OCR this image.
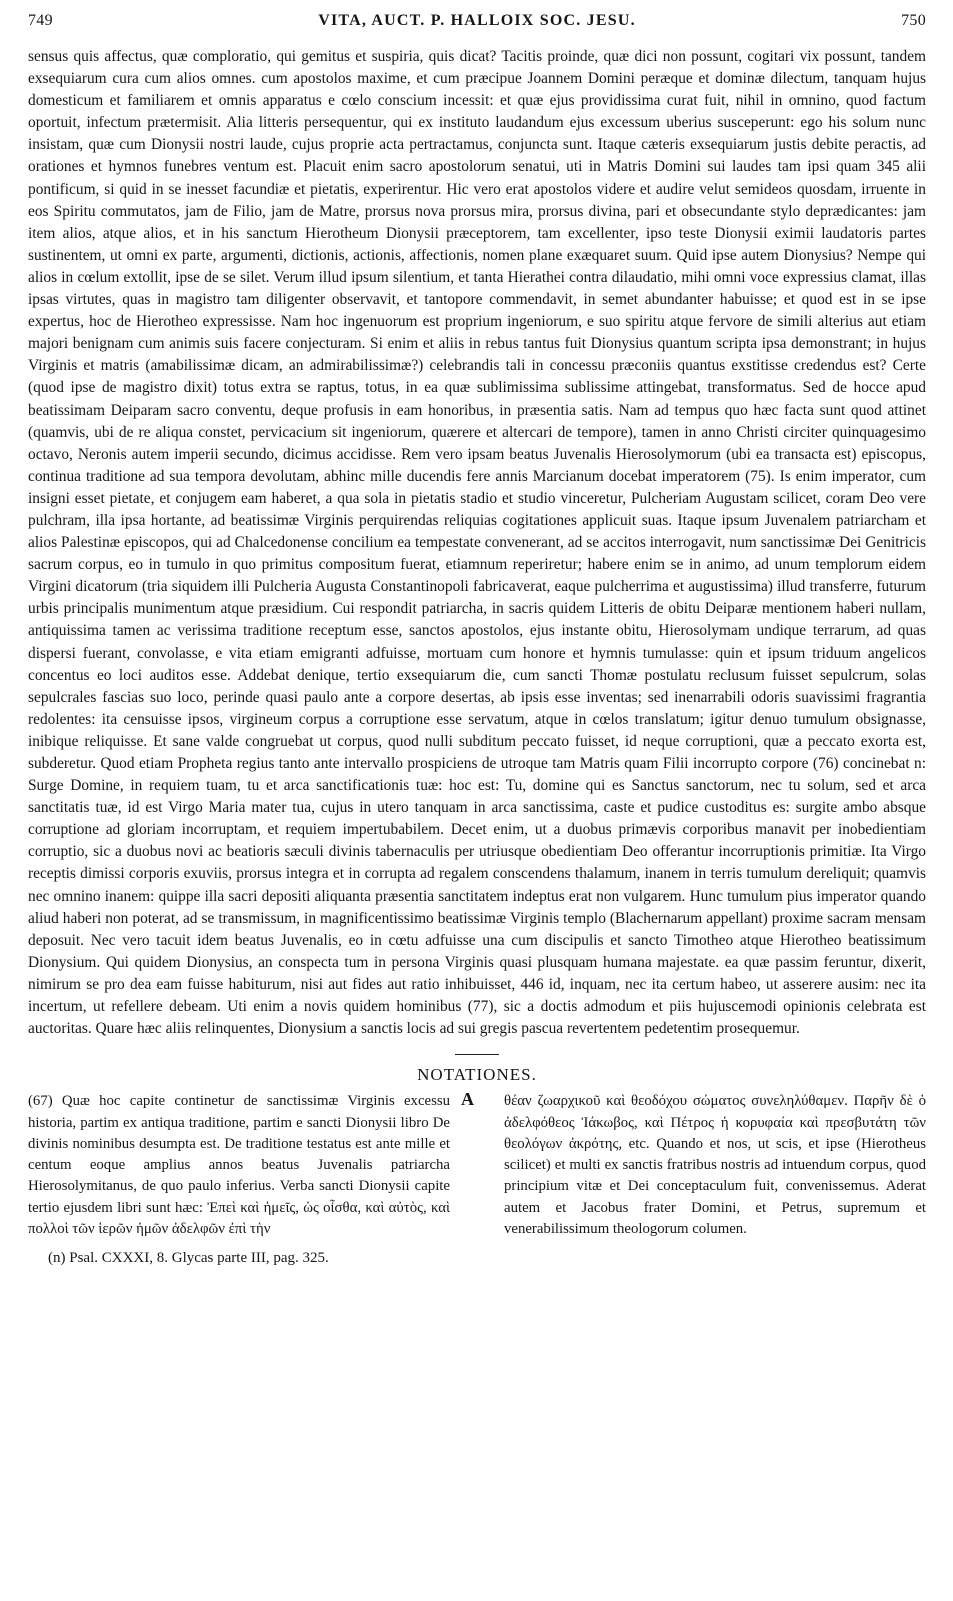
749	VITA, AUCT. P. HALLOIX SOC. JESU.	750
sensus quis affectus, quæ comploratio, qui gemitus et suspiria, quis dicat? Tacitis proinde, quæ dici non possunt, cogitari vix possunt, tandem exsequiarum cura cum alios omnes. cum apostolos maxime, et cum præcipue Joannem Domini peræque et dominæ dilectum, tanquam hujus domesticum et familiarem et omnis apparatus e cœlo conscium incessit: et quæ ejus providissima curat fuit, nihil in omnino, quod factum oportuit, infectum prætermisit. Alia litteris persequentur, qui ex instituto laudandum ejus excessum uberius susceperunt: ego his solum nunc insistam, quæ cum Dionysii nostri laude, cujus proprie acta pertractamus, conjuncta sunt. Itaque cæteris exsequiarum justis debite peractis, ad orationes et hymnos funebres ventum est. Placuit enim sacro apostolorum senatui, uti in Matris Domini sui laudes tam ipsi quam 345 alii pontificum, si quid in se inesset facundiæ et pietatis, experirentur. Hic vero erat apostolos videre et audire velut semideos quosdam, irruente in eos Spiritu commutatos, jam de Filio, jam de Matre, prorsus nova prorsus mira, prorsus divina, pari et obsecundante stylo deprædicantes: jam item alios, atque alios, et in his sanctum Hierotheum Dionysii præceptorem, tam excellenter, ipso teste Dionysii eximii laudatoris partes sustinentem, ut omni ex parte, argumenti, dictionis, actionis, affectionis, nomen plane exæquaret suum. Quid ipse autem Dionysius? Nempe qui alios in cœlum extollit, ipse de se silet. Verum illud ipsum silentium, et tanta Hierathei contra dilaudatio, mihi omni voce expressius clamat, illas ipsas virtutes, quas in magistro tam diligenter observavit, et tantopore commendavit, in semet abundanter habuisse; et quod est in se ipse expertus, hoc de Hierotheo expressisse. Nam hoc ingenuorum est proprium ingeniorum, e suo spiritu atque fervore de simili alterius aut etiam majori benignam cum animis suis facere conjecturam. Si enim et aliis in rebus tantus fuit Dionysius quantum scripta ipsa demonstrant; in hujus Virginis et matris (amabilissimæ dicam, an admirabilissimæ?) celebrandis tali in concessu præconiis quantus exstitisse credendus est? Certe (quod ipse de magistro dixit) totus extra se raptus, totus, in ea quæ sublimissima sublissime attingebat, transformatus. Sed de hocce apud beatissimam Deiparam sacro conventu, deque profusis in eam honoribus, in præsentia satis. Nam ad tempus quo hæc facta sunt quod attinet (quamvis, ubi de re aliqua constet, pervicacium sit ingeniorum, quærere et altercari de tempore), tamen in anno Christi circiter quinquagesimo octavo, Neronis autem imperii secundo, dicimus accidisse. Rem vero ipsam beatus Juvenalis Hierosolymorum (ubi ea transacta est) episcopus, continua traditione ad sua tempora devolutam, abhinc mille ducendis fere annis Marcianum docebat imperatorem (75). Is enim imperator, cum insigni esset pietate, et conjugem eam haberet, a qua sola in pietatis stadio et studio vinceretur, Pulcheriam Augustam scilicet, coram Deo vere pulchram, illa ipsa hortante, ad beatissimæ Virginis perquirendas reliquias cogitationes applicuit suas. Itaque ipsum Juvenalem patriarcham et alios Palestinæ episcopos, qui ad Chalcedonense concilium ea tempestate convenerant, ad se accitos interrogavit, num sanctissimæ Dei Genitricis sacrum corpus, eo in tumulo in quo primitus compositum fuerat, etiamnum reperiretur; habere enim se in animo, ad unum templorum eidem Virgini dicatorum (tria siquidem illi Pulcheria Augusta Constantinopoli fabricaverat, eaque pulcherrima et augustissima) illud transferre, futurum urbis principalis munimentum atque præsidium. Cui respondit patriarcha, in sacris quidem Litteris de obitu Deiparæ mentionem haberi nullam, antiquissima tamen ac verissima traditione receptum esse, sanctos apostolos, ejus instante obitu, Hierosolymam undique terrarum, ad quas dispersi fuerant, convolasse, e vita etiam emigranti adfuisse, mortuam cum honore et hymnis tumulasse: quin et ipsum triduum angelicos concentus eo loci auditos esse. Addebat denique, tertio exsequiarum die, cum sancti Thomæ postulatu reclusum fuisset sepulcrum, solas sepulcrales fascias suo loco, perinde quasi paulo ante a corpore desertas, ab ipsis esse inventas; sed inenarrabili odoris suavissimi fragrantia redolentes: ita censuisse ipsos, virgineum corpus a corruptione esse servatum, atque in cœlos translatum; igitur denuo tumulum obsignasse, inibique reliquisse. Et sane valde congruebat ut corpus, quod nulli subditum peccato fuisset, id neque corruptioni, quæ a peccato exorta est, subderetur. Quod etiam Propheta regius tanto ante intervallo prospiciens de utroque tam Matris quam Filii incorrupto corpore (76) concinebat n: Surge Domine, in requiem tuam, tu et arca sanctificationis tuæ: hoc est: Tu, domine qui es Sanctus sanctorum, nec tu solum, sed et arca sanctitatis tuæ, id est Virgo Maria mater tua, cujus in utero tanquam in arca sanctissima, caste et pudice custoditus es: surgite ambo absque corruptione ad gloriam incorruptam, et requiem impertubabilem. Decet enim, ut a duobus primævis corporibus manavit per inobedientiam corruptio, sic a duobus novi ac beatioris sæculi divinis tabernaculis per utriusque obedientiam Deo offerantur incorruptionis primitiæ. Ita Virgo receptis dimissi corporis exuviis, prorsus integra et in corrupta ad regalem conscendens thalamum, inanem in terris tumulum dereliquit; quamvis nec omnino inanem: quippe illa sacri depositi aliquanta præsentia sanctitatem indeptus erat non vulgarem. Hunc tumulum pius imperator quando aliud haberi non poterat, ad se transmissum, in magnificentissimo beatissimæ Virginis templo (Blachernarum appellant) proxime sacram mensam deposuit. Nec vero tacuit idem beatus Juvenalis, eo in cœtu adfuisse una cum discipulis et sancto Timotheo atque Hierotheo beatissimum Dionysium. Qui quidem Dionysius, an conspecta tum in persona Virginis quasi plusquam humana majestate. ea quæ passim feruntur, dixerit, nimirum se pro dea eam fuisse habiturum, nisi aut fides aut ratio inhibuisset, 446 id, inquam, nec ita certum habeo, ut asserere ausim: nec ita incertum, ut refellere debeam. Uti enim a novis quidem hominibus (77), sic a doctis admodum et piis hujuscemodi opinionis celebrata est auctoritas. Quare hæc aliis relinquentes, Dionysium a sanctis locis ad sui gregis pascua revertentem pedetentim prosequemur.
NOTATIONES.
(67) Quæ hoc capite continetur de sanctissimæ Virginis excessu historia, partim ex antiqua traditione, partim e sancti Dionysii libro De divinis nominibus desumpta est. De traditione testatus est ante mille et centum eoque amplius annos beatus Juvenalis patriarcha Hierosolymitanus, de quo paulo inferius. Verba sancti Dionysii capite tertio ejusdem libri sunt hæc: Ἐπεὶ καὶ ἡμεῖς, ὡς οἶσθα, καὶ αὐτὸς, καὶ πολλοὶ τῶν ἱερῶν ἡμῶν ἀδελφῶν ἐπὶ τὴν
A
(n) Psal. CXXXI, 8. Glycas parte III, pag. 325.
θέαν ζωαρχικοῦ καὶ θεοδόχου σώματος συνεληλύθαμεν. Παρῆν δὲ ὁ ἀδελφόθεος Ἰάκωβος, καὶ Πέτρος ἡ κορυφαία καὶ πρεσβυτάτη τῶν θεολόγων ἀκρότης, etc. Quando et nos, ut scis, et ipse (Hierotheus scilicet) et multi ex sanctis fratribus nostris ad intuendum corpus, quod principium vitæ et Dei conceptaculum fuit, convenissemus. Aderat autem et Jacobus frater Domini, et Petrus, supremum et venerabilissimum theologorum columen.
